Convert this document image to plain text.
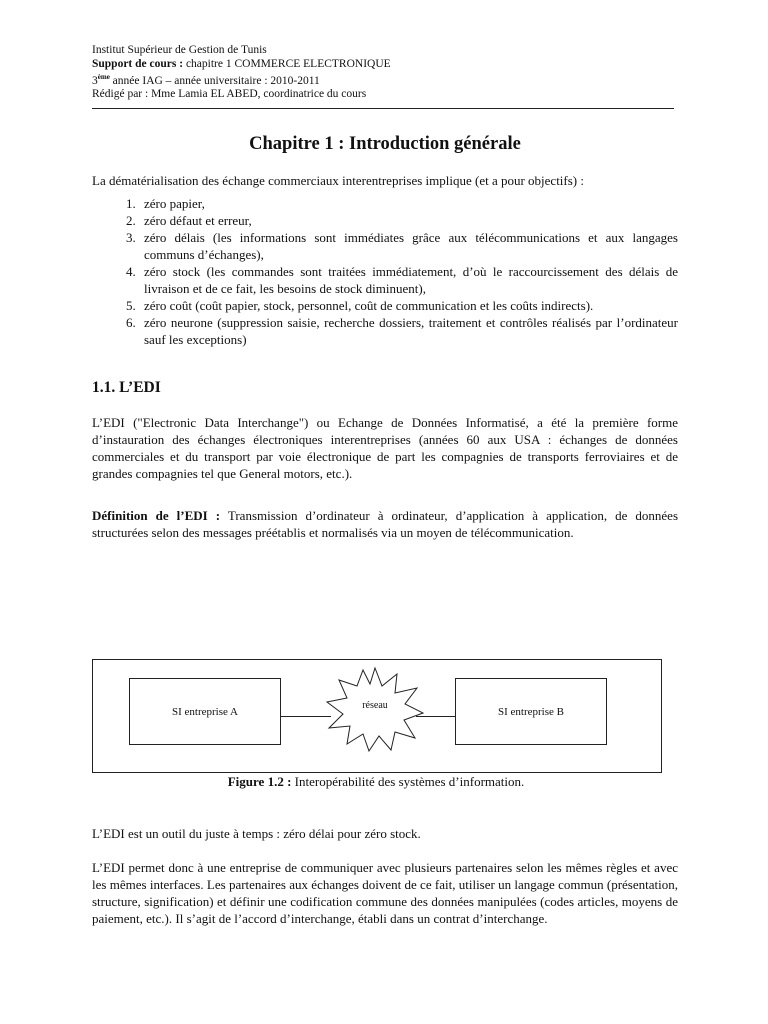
Institut Supérieur de Gestion de Tunis
Support de cours : chapitre 1 COMMERCE ELECTRONIQUE
3ème année IAG – année universitaire : 2010-2011
Rédigé par : Mme Lamia EL ABED, coordinatrice du cours
Chapitre 1 : Introduction générale

La dématérialisation des échange commerciaux interentreprises implique (et a pour objectifs) :

1. zéro papier,
2. zéro défaut et erreur,
3. zéro délais (les informations sont immédiates grâce aux télécommunications et aux langages communs d’échanges),
4. zéro stock (les commandes sont traitées immédiatement, d’où le raccourcissement des délais de livraison et de ce fait, les besoins de stock diminuent),
5. zéro coût (coût papier, stock, personnel, coût de communication et les coûts indirects).
6. zéro neurone (suppression saisie, recherche dossiers, traitement et contrôles réalisés par l’ordinateur sauf les exceptions)
1.1. L’EDI

L’EDI ("Electronic Data Interchange") ou Echange de Données Informatisé, a été la première forme d’instauration des échanges électroniques interentreprises (années 60 aux USA : échanges de données commerciales et du transport par voie électronique de part les compagnies de transports ferroviaires et de grandes compagnies tel que General motors, etc.).

Définition de l’EDI : Transmission d’ordinateur à ordinateur, d’application à application, de données structurées selon des messages préétablis et normalisés via un moyen de télécommunication.

SI entreprise A	réseau	SI entreprise B
Figure 1.2 : Interopérabilité des systèmes d’information.

L’EDI est un outil du juste à temps : zéro délai pour zéro stock.

L’EDI permet donc à une entreprise de communiquer avec plusieurs partenaires selon les mêmes règles et avec les mêmes interfaces. Les partenaires aux échanges doivent de ce fait, utiliser un langage commun (présentation, structure, signification) et définir une codification commune des données manipulées (codes articles, moyens de paiement, etc.). Il s’agit de l’accord d’interchange, établi dans un contrat d’interchange.
